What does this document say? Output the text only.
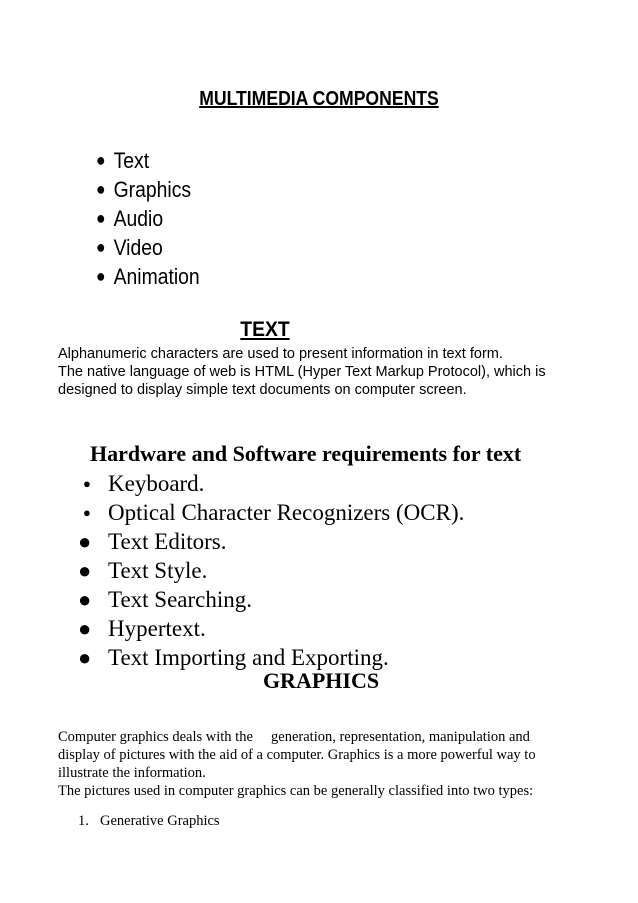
MULTIMEDIA COMPONENTS
● Text
● Graphics
● Audio
● Video
● Animation
TEXT

Alphanumeric characters are used to present information in text form.
The native language of web is HTML (Hyper Text Markup Protocol), which is
designed to display simple text documents on computer screen.

Hardware and Software requirements for text
● Keyboard.
● Optical Character Recognizers (OCR).
● Text Editors.
● Text Style.
● Text Searching.
● Hypertext.
● Text Importing and Exporting.
GRAPHICS

Computer graphics deals with the     generation, representation, manipulation and
display of pictures with the aid of a computer. Graphics is a more powerful way to
illustrate the information.
The pictures used in computer graphics can be generally classified into two types:

1. Generative Graphics
